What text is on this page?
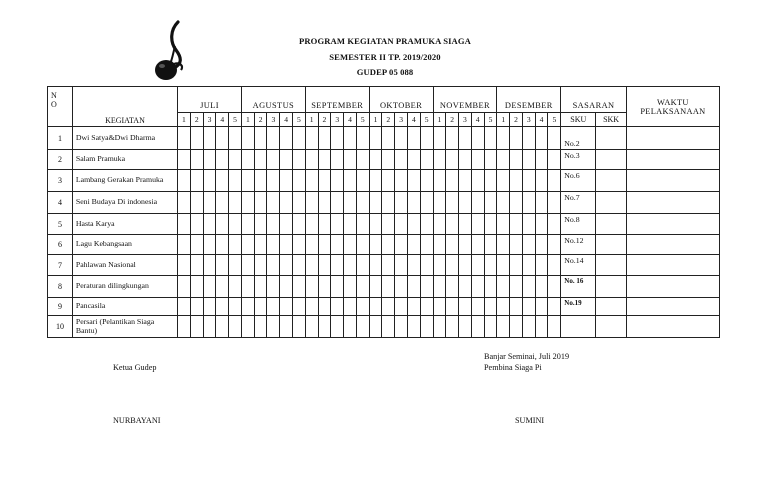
PROGRAM KEGIATAN PRAMUKA SIAGA
SEMESTER II TP. 2019/2020
GUDEP 05 088
N
O	KEGIATAN	JULI					AGUSTUS					SEPTEMBER					OKTOBER					NOVEMBER					DESEMBER					SASARAN		WAKTU PELAKSANAAN
		1	2	3	4	5	1	2	3	4	5	1	2	3	4	5	1	2	3	4	5	1	2	3	4	5	1	2	3	4	5	SKU	SKK	
1	Dwi Satya&Dwi Dharma																															No.2		
2	Salam Pramuka																															No.3		
3	Lambang Gerakan Pramuka																															No.6		
4	Seni Budaya Di indonesia																															No.7		
5	Hasta Karya																															No.8		
6	Lagu Kebangsaan																															No.12		
7	Pahlawan Nasional																															No.14		
8	Peraturan dilingkungan																															No. 16		
9	Pancasila																															No.19		
10	Persari (Pelantikan Siaga Bantu)																																	
Ketua Gudep
NURBAYANI
Banjar Seminai, Juli 2019
Pembina Siaga Pi
SUMINI
